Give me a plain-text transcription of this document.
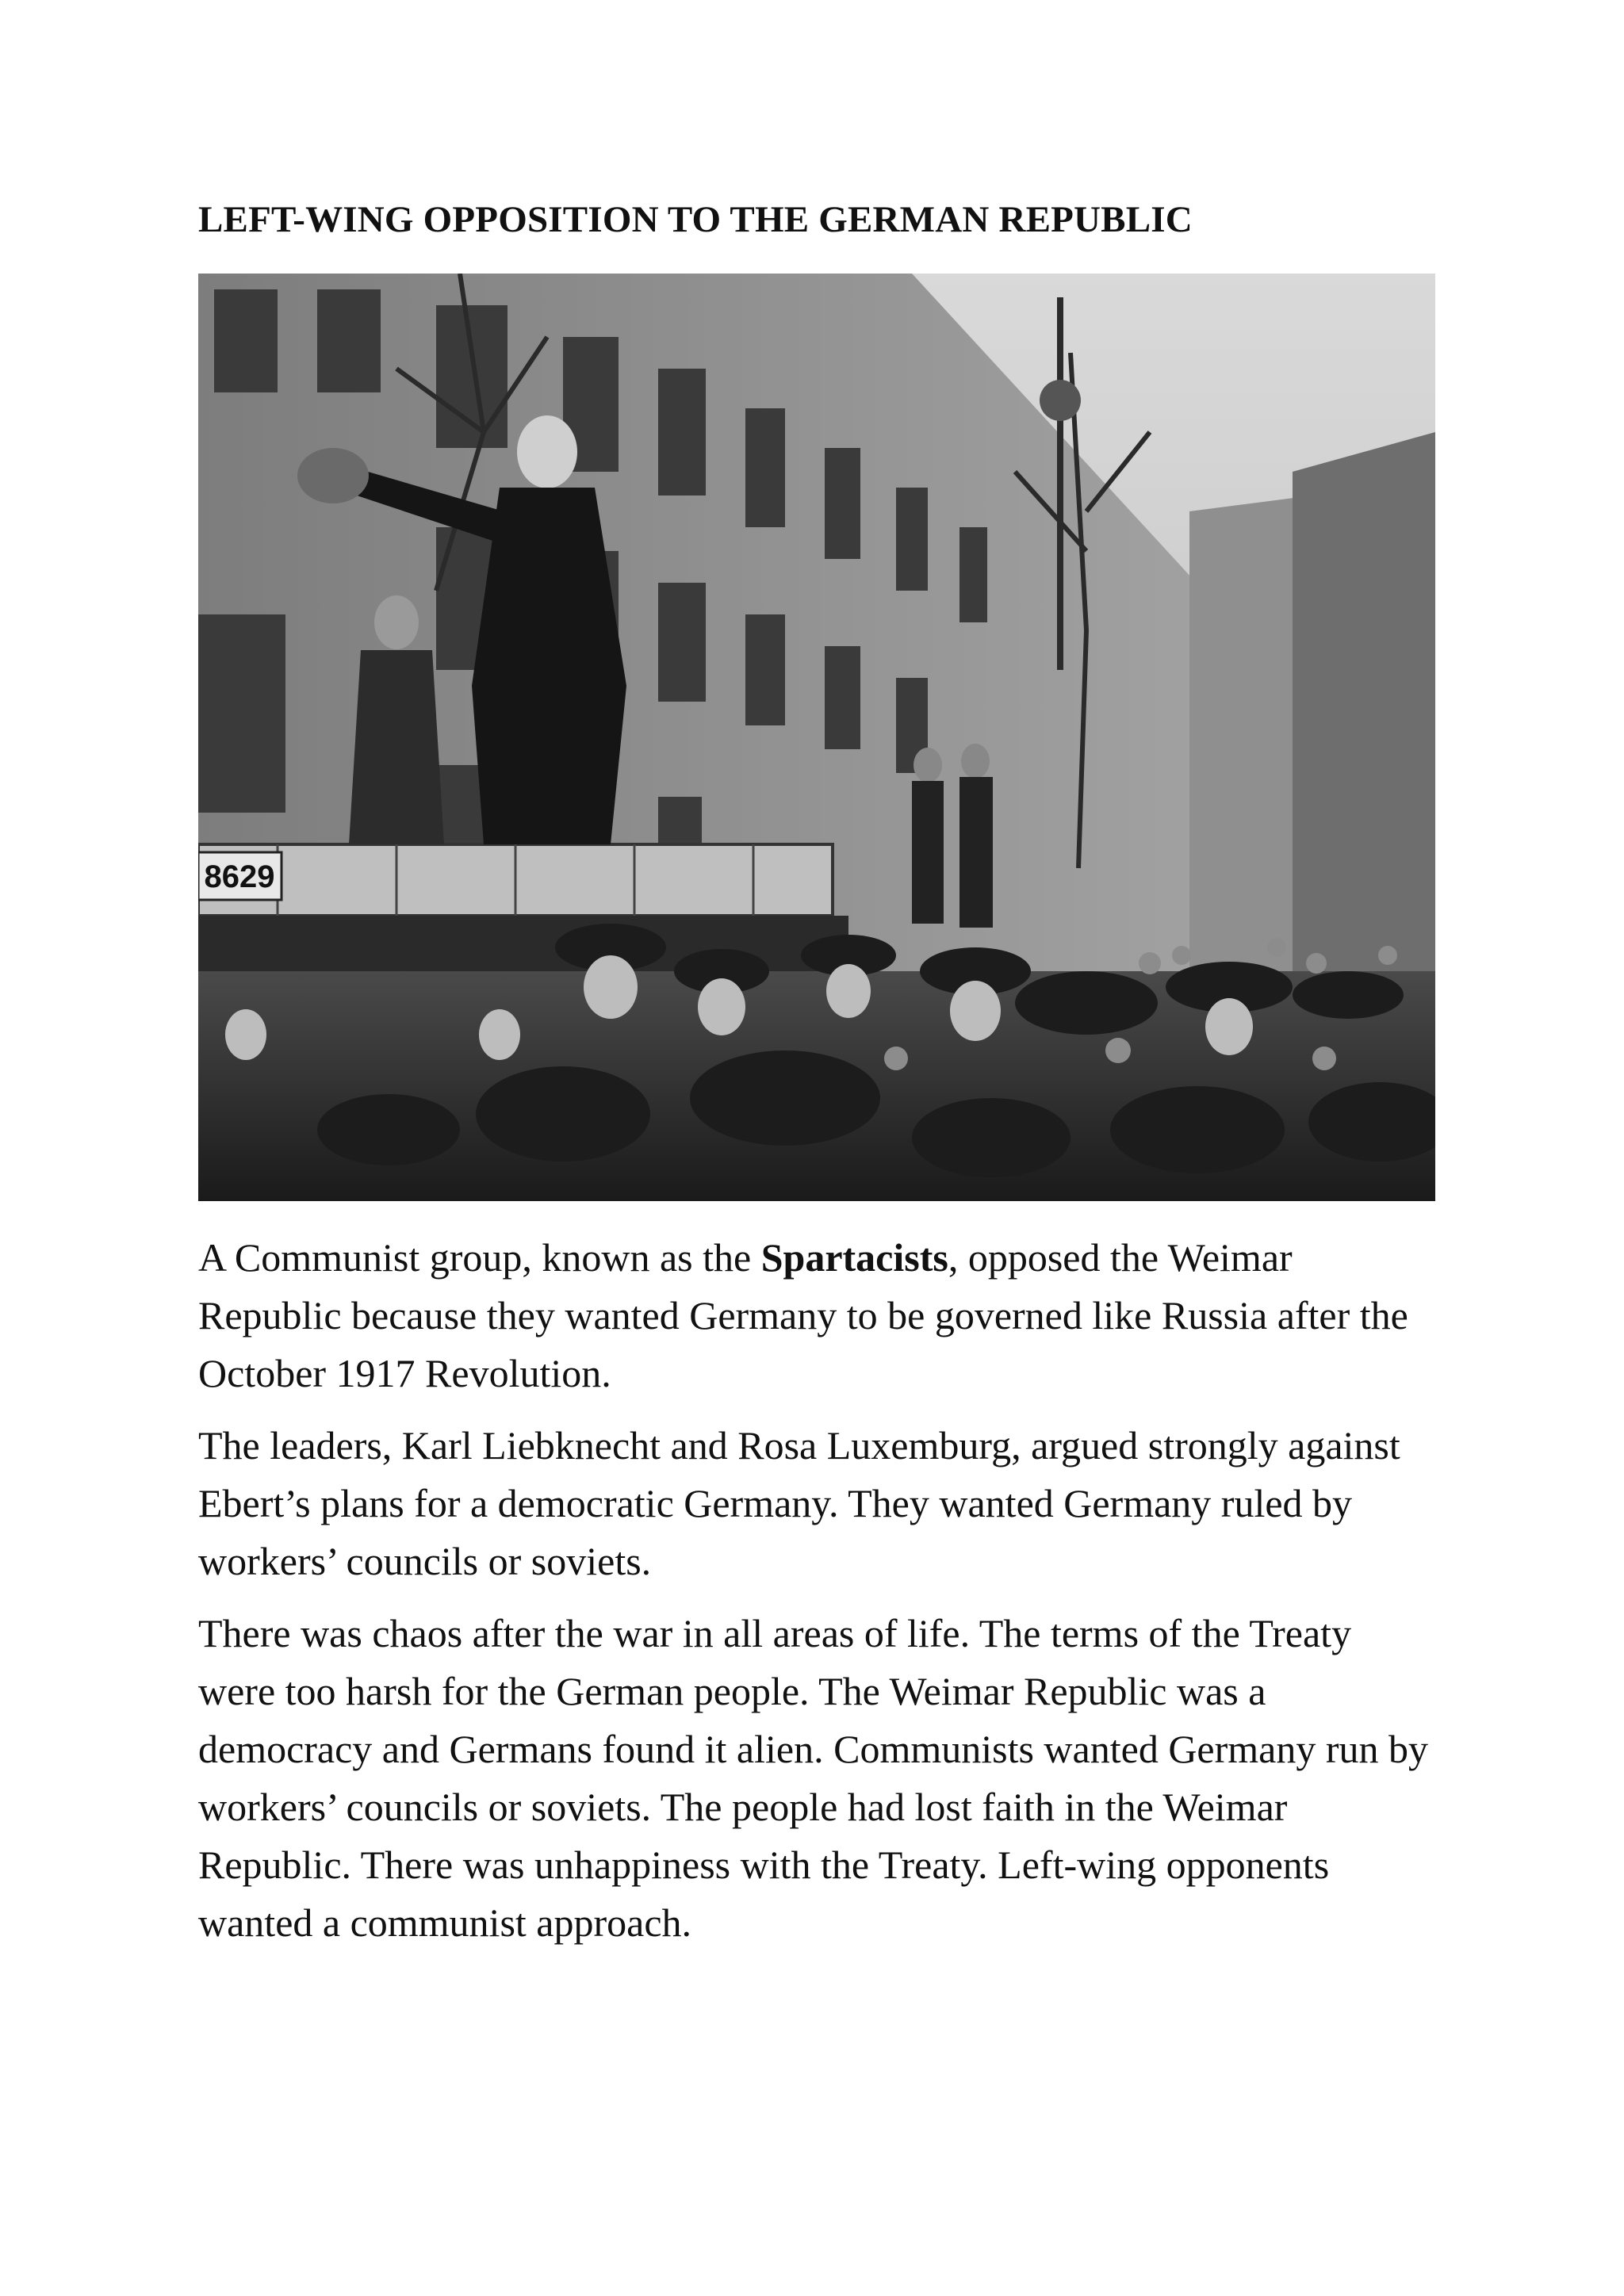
LEFT-WING OPPOSITION TO THE GERMAN REPUBLIC
8629

A Communist group, known as the Spartacists, opposed the Weimar Republic because they wanted Germany to be governed like Russia after the October 1917 Revolution.

The leaders, Karl Liebknecht and Rosa Luxemburg, argued strongly against Ebert’s plans for a democratic Germany. They wanted Germany ruled by workers’ councils or soviets.

There was chaos after the war in all areas of life. The terms of the Treaty were too harsh for the German people. The Weimar Republic was a democracy and Germans found it alien. Communists wanted Germany run by workers’ councils or soviets. The people had lost faith in the Weimar Republic. There was unhappiness with the Treaty. Left-wing opponents wanted a communist approach.
